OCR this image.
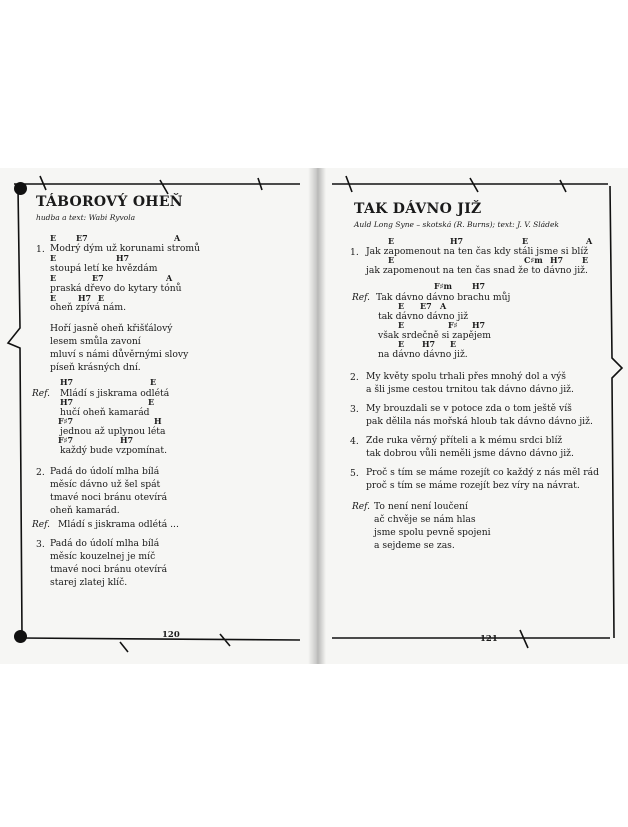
TÁBOROVÝ OHEŇ
hudba a text: Wabi Ryvola
1.
E E7	A
Modrý dým už korunami stromů
E	H7
stoupá letí ke hvězdám
E	E7	A
praská dřevo do kytary tónů
E	H7 E
oheň zpívá nám.
Hoří jasně oheň křišťálový
lesem smůla zavoní
mluví s námi důvěrnými slovy
píseň krásných dní.
Ref.
H7	E
Mládí s jiskrama odlétá
H7	E
hučí oheň kamarád
F♯7	H
jednou až uplynou léta
F♯7	H7
každý bude vzpomínat.
2. Padá do údolí mlha bílá
měsíc dávno už šel spát
tmavé noci bránu otevírá
oheň kamarád.
Ref. Mládí s jiskrama odlétá ...
3. Padá do údolí mlha bílá
měsíc kouzelnej je míč
tmavé noci bránu otevírá
starej zlatej klíč.
120
TAK DÁVNO JIŽ
Auld Long Syne – skotská (R. Burns); text: J. V. Sládek
1.
E	H7	E	A
Jak zapomenout na ten čas kdy stáli jsme si blíž
E	C♯m H7 E
jak zapomenout na ten čas snad že to dávno již.
Ref.
F♯m H7
Tak dávno dávno brachu můj
E E7 A
tak dávno dávno již
E	F♯ H7
však srdečně si zapějem
E H7 E
na dávno dávno již.
2. My květy spolu trhali přes mnohý dol a výš
a šli jsme cestou trnitou tak dávno dávno již.
3. My brouzdali se v potoce zda o tom ještě víš
pak dělila nás mořská hloub tak dávno dávno již.
4. Zde ruka věrný příteli a k mému srdci blíž
tak dobrou vůli neměli jsme dávno dávno již.
5. Proč s tím se máme rozejít co každý z nás měl rád
proč s tím se máme rozejít bez víry na návrat.
Ref. To není není loučení
ač chvěje se nám hlas
jsme spolu pevně spojeni
a sejdeme se zas.
121
